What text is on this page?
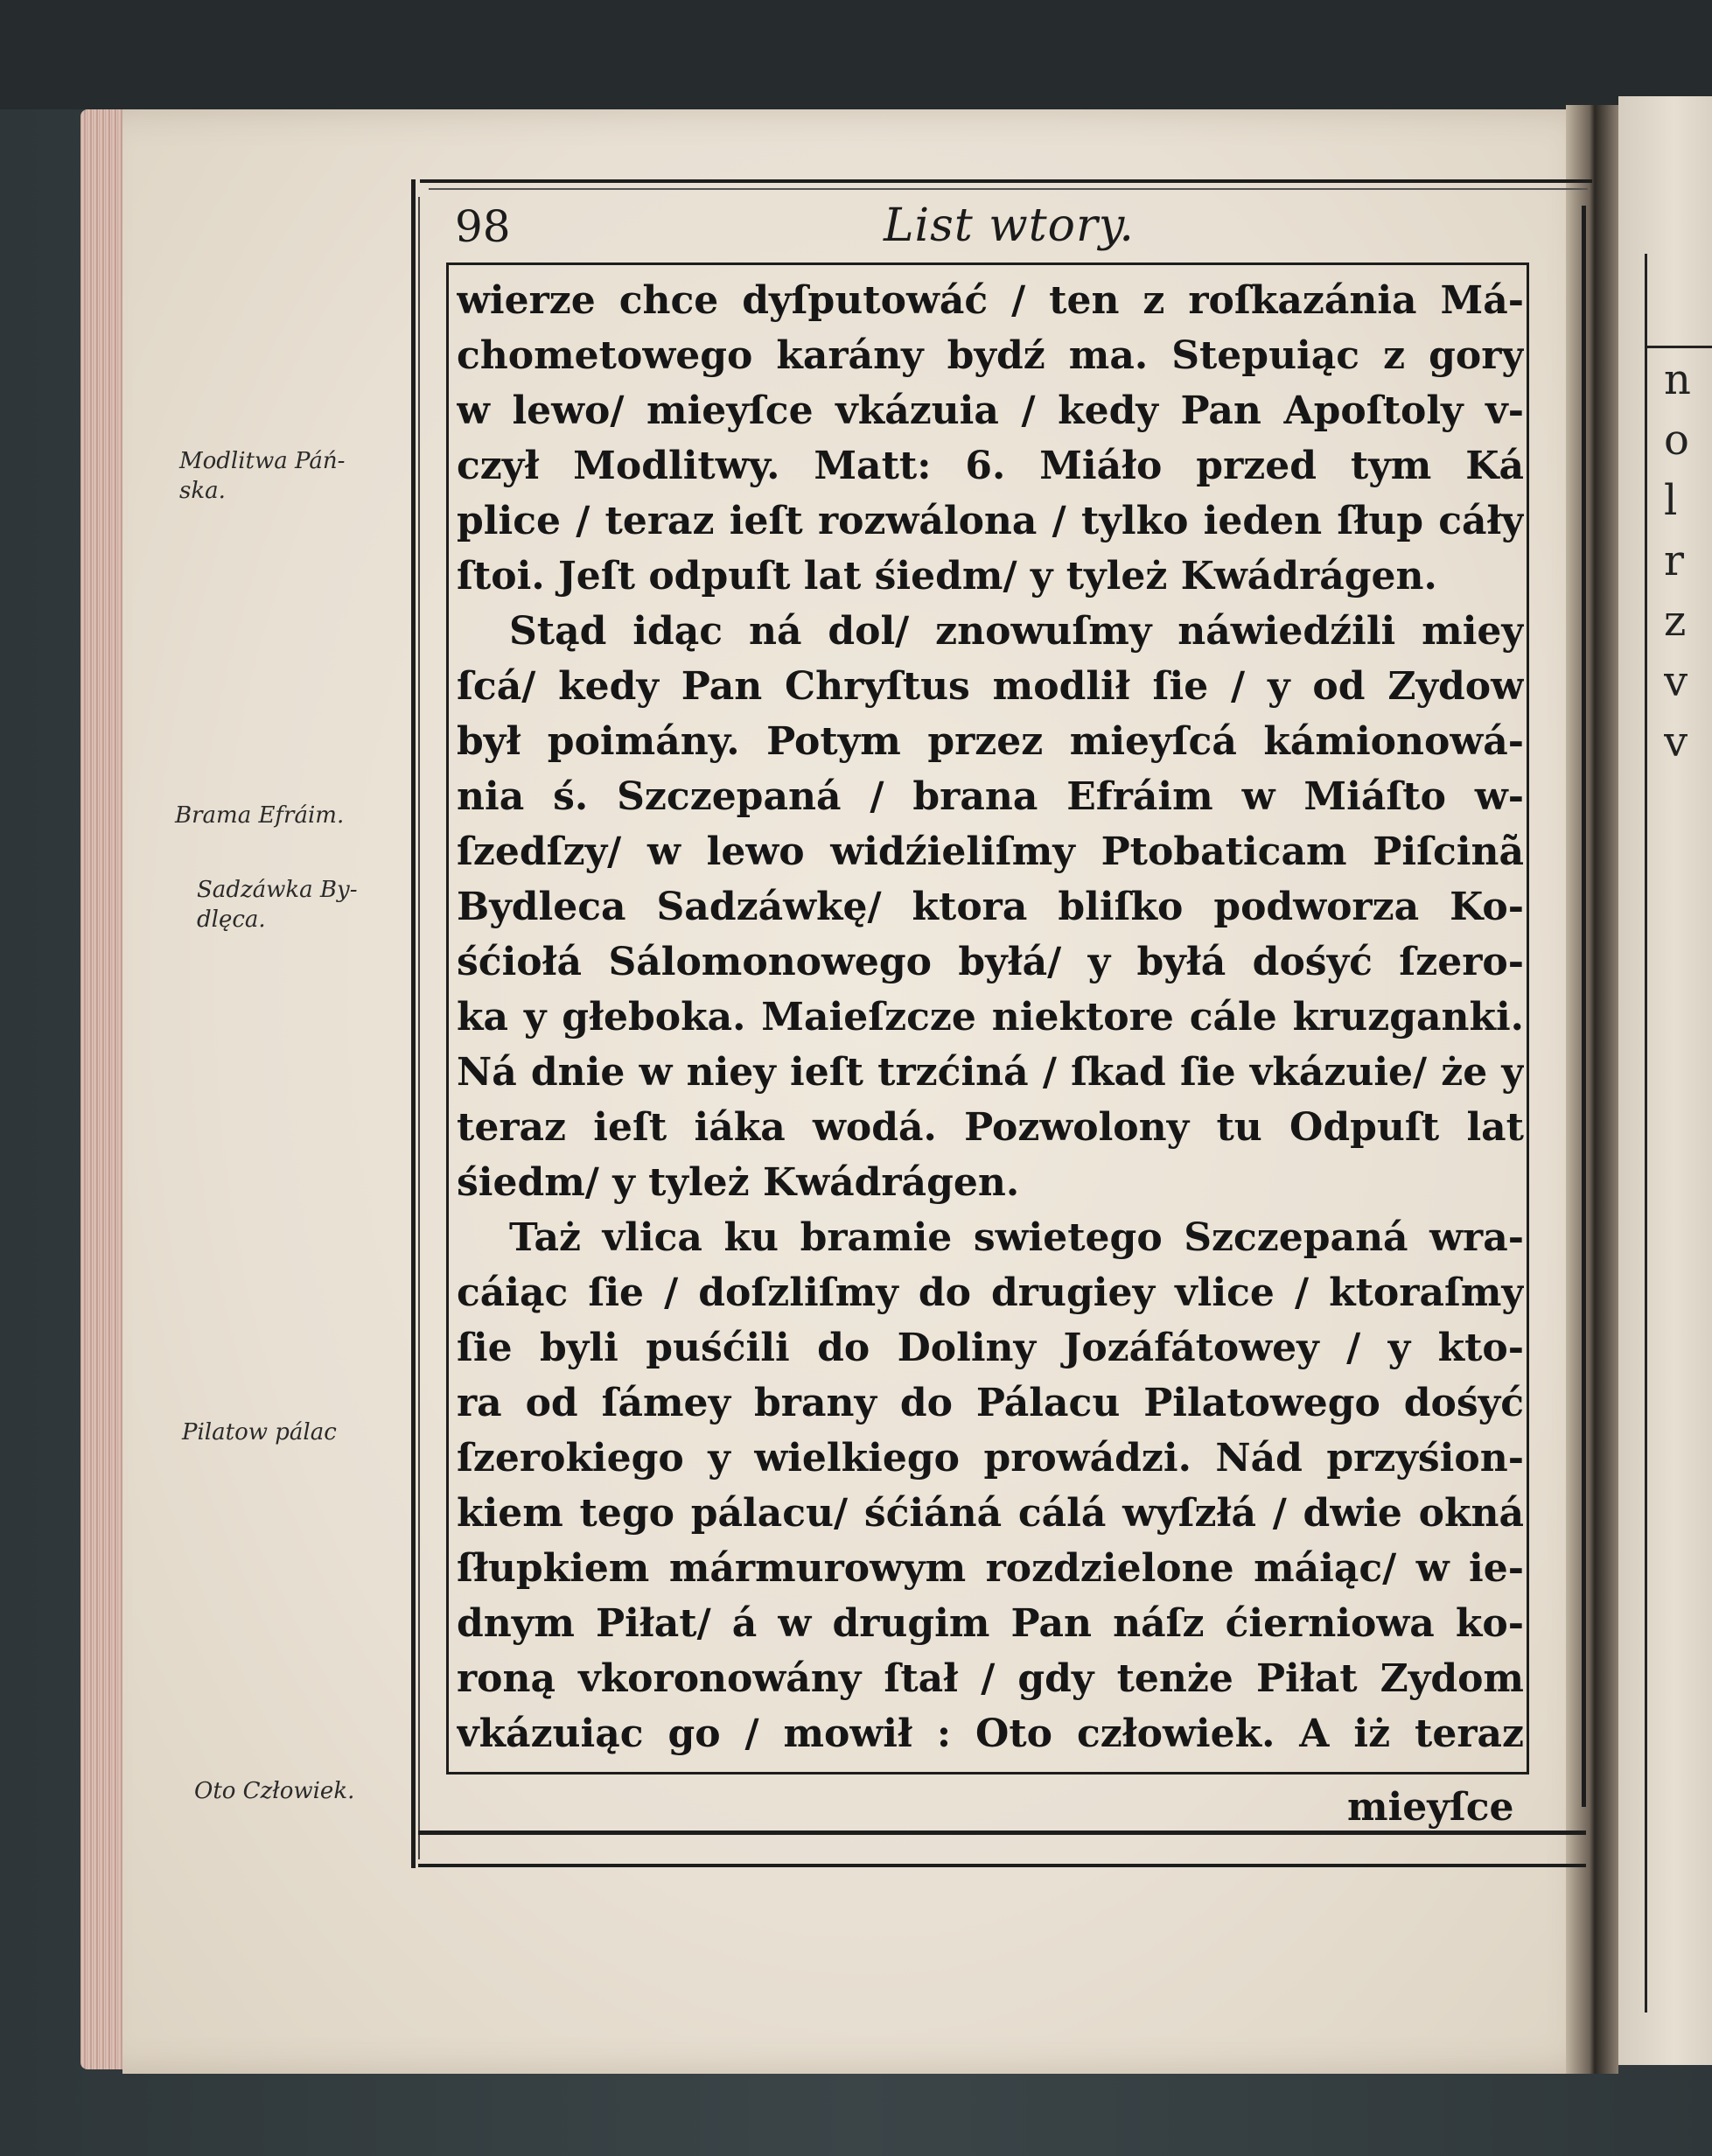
n
o
l
r
z
v
v
98	List wtory.
Modlitwa Páń-
ska.
Brama Efráim.
Sadzáwka By-
dlęca.
Pilatow pálac
Oto Człowiek.
wierze chce dyſputowáć / ten z roſkazánia Má-
chometowego karány bydź ma. Stepuiąc z gory
w lewo/ mieyſce vkázuia / kedy Pan Apoſtoly v-
czył Modlitwy. Matt: 6. Miáło przed tym Ká
plice / teraz ieſt rozwálona / tylko ieden ſłup cáły
ſtoi. Jeſt odpuſt lat śiedm/ y tyleż Kwádrágen.
Stąd idąc ná dol/ znowuſmy náwiedźili miey
ſcá/ kedy Pan Chryſtus modlił ſie / y od Zydow
był poimány. Potym przez mieyſcá kámionowá-
nia ś. Szczepaná / brana Efráim w Miáſto w-
ſzedſzy/ w lewo widźieliſmy Ptobaticam Piſcinã
Bydleca Sadzáwkę/ ktora bliſko podworza Ko-
śćiołá Sálomonowego byłá/ y byłá dośyć ſzero-
ka y głeboka. Maieſzcze niektore cále kruzganki.
Ná dnie w niey ieſt trzćiná / ſkad ſie vkázuie/ że y
teraz ieſt iáka wodá. Pozwolony tu Odpuſt lat
śiedm/ y tyleż Kwádrágen.
Taż vlica ku bramie swietego Szczepaná wra-
cáiąc ſie / doſzliſmy do drugiey vlice / ktoraſmy
ſie byli puśćili do Doliny Jozáfátowey / y kto-
ra od ſámey brany do Pálacu Pilatowego dośyć
ſzerokiego y wielkiego prowádzi. Nád przyśion-
kiem tego pálacu/ śćiáná cálá wyſzłá / dwie okná
ſłupkiem mármurowym rozdzielone máiąc/ w ie-
dnym Piłat/ á w drugim Pan náſz ćierniowa ko-
roną vkoronowány ſtał / gdy tenże Piłat Zydom
vkázuiąc go / mowił : Oto człowiek. A iż teraz
mieyſce
